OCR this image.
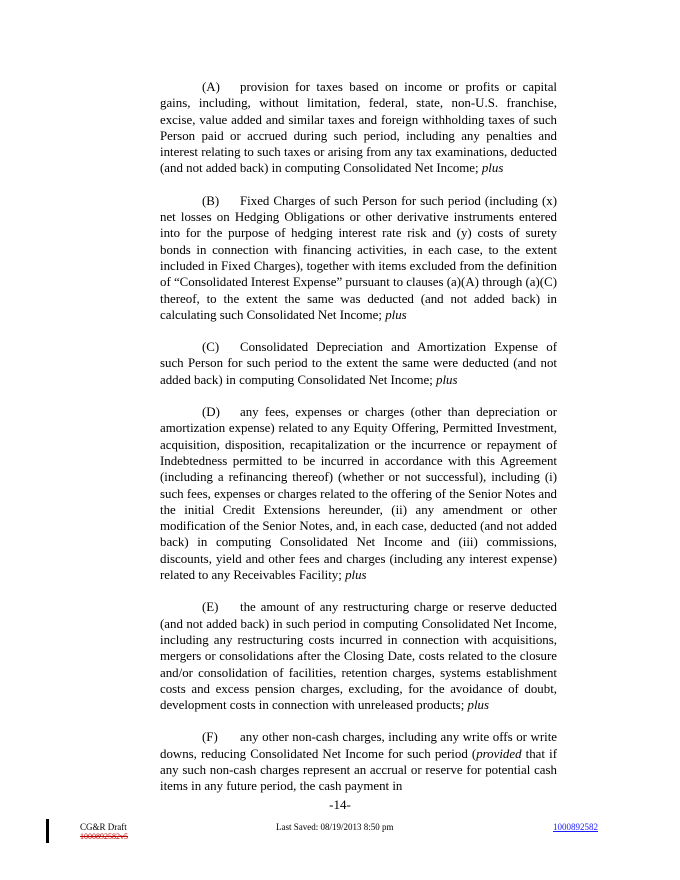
(A) provision for taxes based on income or profits or capital gains, including, without limitation, federal, state, non-U.S. franchise, excise, value added and similar taxes and foreign withholding taxes of such Person paid or accrued during such period, including any penalties and interest relating to such taxes or arising from any tax examinations, deducted (and not added back) in computing Consolidated Net Income; plus

(B) Fixed Charges of such Person for such period (including (x) net losses on Hedging Obligations or other derivative instruments entered into for the purpose of hedging interest rate risk and (y) costs of surety bonds in connection with financing activities, in each case, to the extent included in Fixed Charges), together with items excluded from the definition of “Consolidated Interest Expense” pursuant to clauses (a)(A) through (a)(C) thereof, to the extent the same was deducted (and not added back) in calculating such Consolidated Net Income; plus

(C) Consolidated Depreciation and Amortization Expense of such Person for such period to the extent the same were deducted (and not added back) in computing Consolidated Net Income; plus

(D) any fees, expenses or charges (other than depreciation or amortization expense) related to any Equity Offering, Permitted Investment, acquisition, disposition, recapitalization or the incurrence or repayment of Indebtedness permitted to be incurred in accordance with this Agreement (including a refinancing thereof) (whether or not successful), including (i) such fees, expenses or charges related to the offering of the Senior Notes and the initial Credit Extensions hereunder, (ii) any amendment or other modification of the Senior Notes, and, in each case, deducted (and not added back) in computing Consolidated Net Income and (iii) commissions, discounts, yield and other fees and charges (including any interest expense) related to any Receivables Facility; plus

(E) the amount of any restructuring charge or reserve deducted (and not added back) in such period in computing Consolidated Net Income, including any restructuring costs incurred in connection with acquisitions, mergers or consolidations after the Closing Date, costs related to the closure and/or consolidation of facilities, retention charges, systems establishment costs and excess pension charges, excluding, for the avoidance of doubt, development costs in connection with unreleased products; plus

(F) any other non-cash charges, including any write offs or write downs, reducing Consolidated Net Income for such period (provided that if any such non-cash charges represent an accrual or reserve for potential cash items in any future period, the cash payment in

-14-
CG&R Draft
1000892582v5
Last Saved: 08/19/2013 8:50 pm	1000892582
